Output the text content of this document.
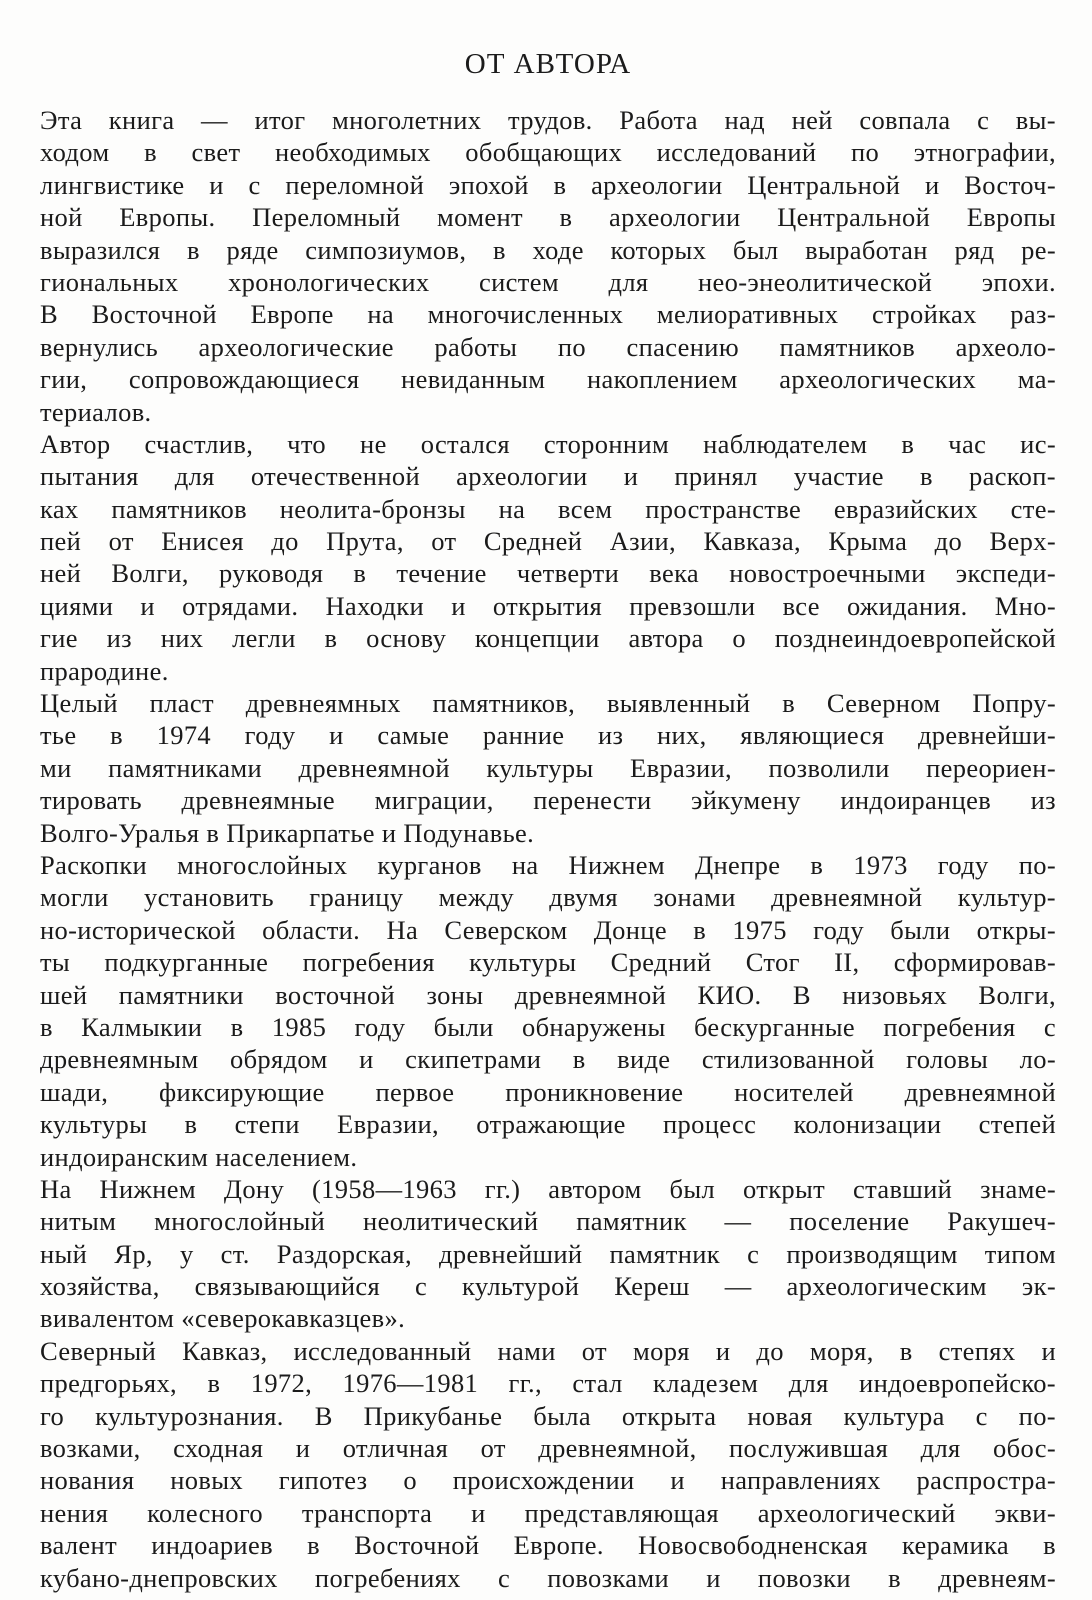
ОТ АВТОРА
Эта книга — итог многолетних трудов. Работа над ней совпала с вы-
ходом в свет необходимых обобщающих исследований по этнографии,
лингвистике и с переломной эпохой в археологии Центральной и Восточ-
ной Европы. Переломный момент в археологии Центральной Европы
выразился в ряде симпозиумов, в ходе которых был выработан ряд ре-
гиональных хронологических систем для нео-энеолитической эпохи.
В Восточной Европе на многочисленных мелиоративных стройках раз-
вернулись археологические работы по спасению памятников археоло-
гии, сопровождающиеся невиданным накоплением археологических ма-
териалов.
Автор счастлив, что не остался сторонним наблюдателем в час ис-
пытания для отечественной археологии и принял участие в раскоп-
ках памятников неолита-бронзы на всем пространстве евразийских сте-
пей от Енисея до Прута, от Средней Азии, Кавказа, Крыма до Верх-
ней Волги, руководя в течение четверти века новостроечными экспеди-
циями и отрядами. Находки и открытия превзошли все ожидания. Мно-
гие из них легли в основу концепции автора о позднеиндоевропейской
прародине.
Целый пласт древнеямных памятников, выявленный в Северном Попру-
тье в 1974 году и самые ранние из них, являющиеся древнейши-
ми памятниками древнеямной культуры Евразии, позволили переориен-
тировать древнеямные миграции, перенести эйкумену индоиранцев из
Волго-Уралья в Прикарпатье и Подунавье.
Раскопки многослойных курганов на Нижнем Днепре в 1973 году по-
могли установить границу между двумя зонами древнеямной культур-
но-исторической области. На Северском Донце в 1975 году были откры-
ты подкурганные погребения культуры Средний Стог II, сформировав-
шей памятники восточной зоны древнеямной КИО. В низовьях Волги,
в Калмыкии в 1985 году были обнаружены бескурганные погребения с
древнеямным обрядом и скипетрами в виде стилизованной головы ло-
шади, фиксирующие первое проникновение носителей древнеямной
культуры в степи Евразии, отражающие процесс колонизации степей
индоиранским населением.
На Нижнем Дону (1958—1963 гг.) автором был открыт ставший знаме-
нитым многослойный неолитический памятник — поселение Ракушеч-
ный Яр, у ст. Раздорская, древнейший памятник с производящим типом
хозяйства, связывающийся с культурой Кереш — археологическим эк-
вивалентом «северокавказцев».
Северный Кавказ, исследованный нами от моря и до моря, в степях и
предгорьях, в 1972, 1976—1981 гг., стал кладезем для индоевропейско-
го культурознания. В Прикубанье была открыта новая культура с по-
возками, сходная и отличная от древнеямной, послужившая для обос-
нования новых гипотез о происхождении и направлениях распростра-
нения колесного транспорта и представляющая археологический экви-
валент индоариев в Восточной Европе. Новосвободненская керамика в
кубано-днепровских погребениях с повозками и повозки в древнеям-
